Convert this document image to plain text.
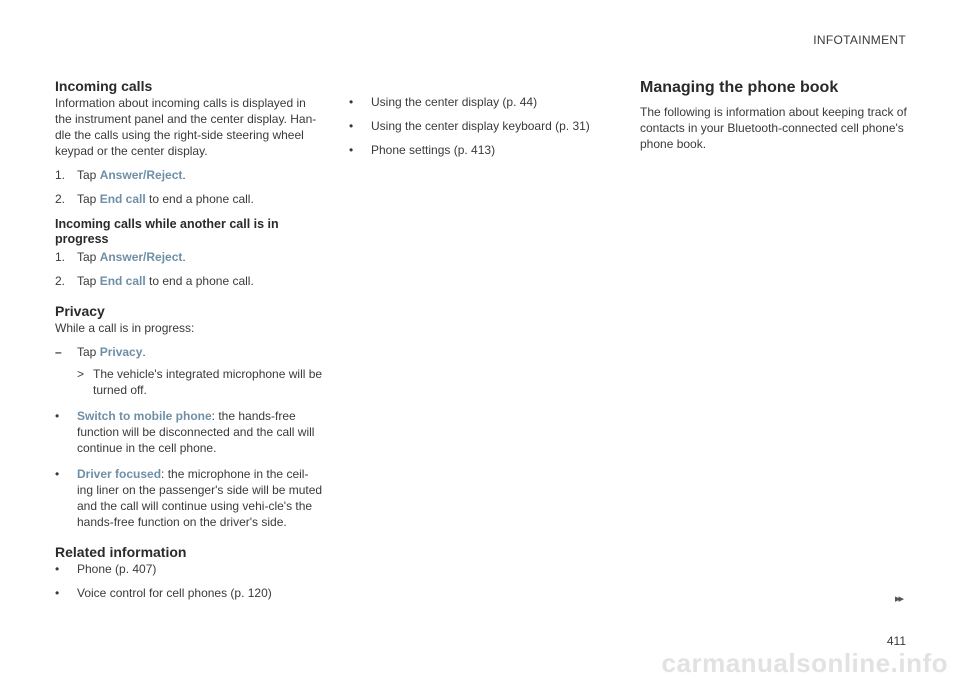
INFOTAINMENT
Incoming calls

Information about incoming calls is displayed in the instrument panel and the center display. Han-dle the calls using the right-side steering wheel keypad or the center display.

1. Tap Answer/Reject.
2. Tap End call to end a phone call.
Incoming calls while another call is in progress
1. Tap Answer/Reject.
2. Tap End call to end a phone call.
Privacy

While a call is in progress:

–	Tap Privacy.
> The vehicle's integrated microphone will be turned off.
•	Switch to mobile phone: the hands-free function will be disconnected and the call will continue in the cell phone.
•	Driver focused: the microphone in the ceil-ing liner on the passenger's side will be muted and the call will continue using vehi-cle's the hands-free function on the driver's side.
Related information
•	Phone (p. 407)
•	Voice control for cell phones (p. 120)
•	Using the center display (p. 44)
•	Using the center display keyboard (p. 31)
•	Phone settings (p. 413)
Managing the phone book

The following is information about keeping track of contacts in your Bluetooth-connected cell phone's phone book.

▸▸
411
carmanualsonline.info
